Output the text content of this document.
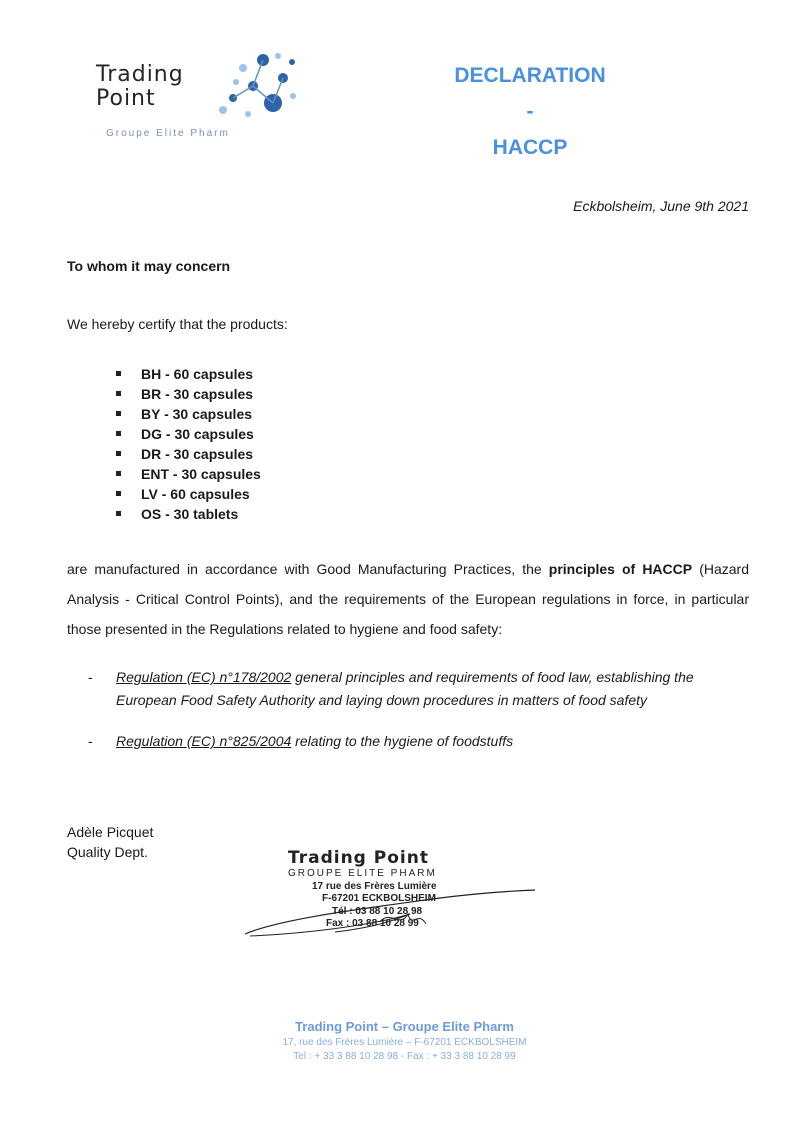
Trading
Point
Groupe Elite Pharm
DECLARATION
-
HACCP
Eckbolsheim, June 9th 2021
To whom it may concern
We hereby certify that the products:
BH - 60 capsules
BR - 30 capsules
BY - 30 capsules
DG - 30 capsules
DR - 30 capsules
ENT - 30 capsules
LV - 60 capsules
OS - 30 tablets
are manufactured in accordance with Good Manufacturing Practices, the principles of HACCP (Hazard Analysis - Critical Control Points), and the requirements of the European regulations in force, in particular those presented in the Regulations related to hygiene and food safety:
- Regulation (EC) n°178/2002 general principles and requirements of food law, establishing the European Food Safety Authority and laying down procedures in matters of food safety
- Regulation (EC) n°825/2004 relating to the hygiene of foodstuffs
Adèle Picquet
Quality Dept.	Trading Point
GROUPE ELITE PHARM
17 rue des Frères Lumière
F-67201 ECKBOLSHEIM
Tél : 03 88 10 28 98
Fax : 03 88 10 28 99
Trading Point – Groupe Elite Pharm
17, rue des Frères Lumière – F-67201 ECKBOLSHEIM
Tel : + 33 3 88 10 28 98 - Fax : + 33 3 88 10 28 99
